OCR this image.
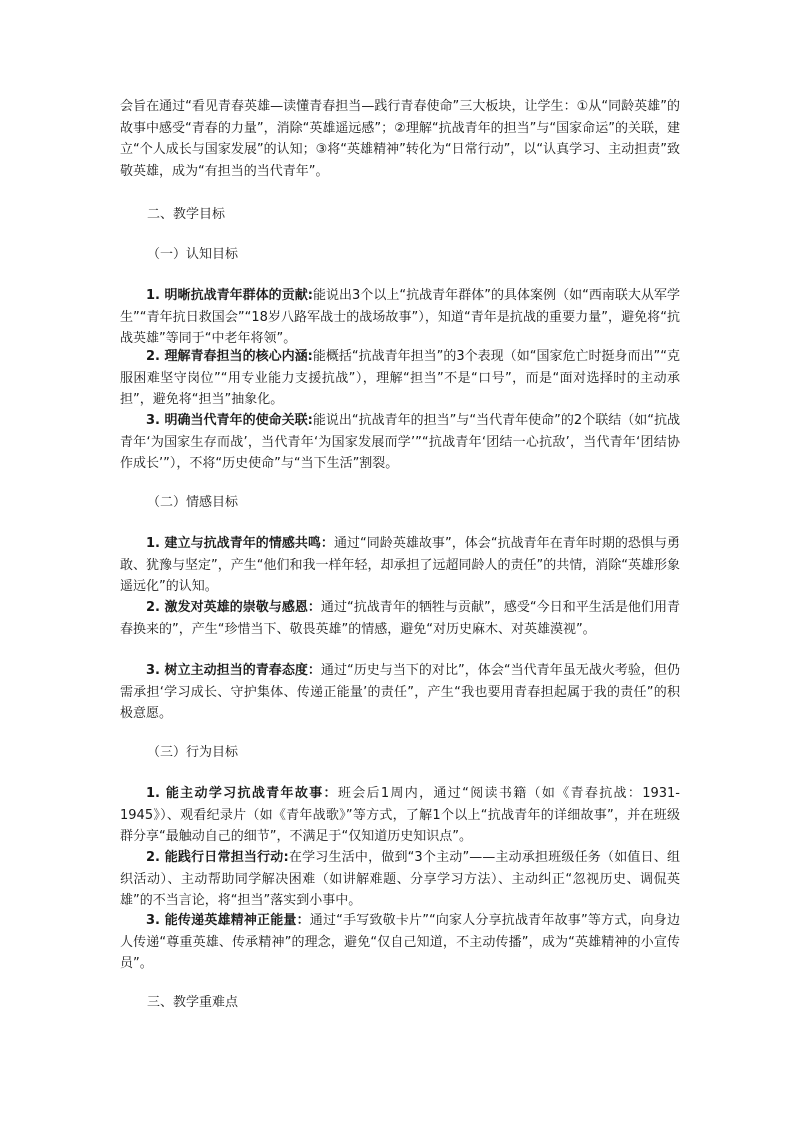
会旨在通过“看见青春英雄—读懂青春担当—践行青春使命”三大板块，让学生：①从“同龄英雄”的故事中感受“青春的力量”，消除“英雄遥远感”；②理解“抗战青年的担当”与“国家命运”的关联，建立“个人成长与国家发展”的认知；③将“英雄精神”转化为“日常行动”，以“认真学习、主动担责”致敬英雄，成为“有担当的当代青年”。

二、教学目标

（一）认知目标

1. 明晰抗战青年群体的贡献:能说出3个以上“抗战青年群体”的具体案例（如“西南联大从军学生”“青年抗日救国会”“18岁八路军战士的战场故事”），知道“青年是抗战的重要力量”，避免将“抗战英雄”等同于“中老年将领”。

2. 理解青春担当的核心内涵:能概括“抗战青年担当”的3个表现（如“国家危亡时挺身而出”“克服困难坚守岗位”“用专业能力支援抗战”），理解“担当”不是“口号”，而是“面对选择时的主动承担”，避免将“担当”抽象化。

3. 明确当代青年的使命关联:能说出“抗战青年的担当”与“当代青年使命”的2个联结（如“抗战青年‘为国家生存而战’，当代青年‘为国家发展而学’”“抗战青年‘团结一心抗敌’，当代青年‘团结协作成长’”），不将“历史使命”与“当下生活”割裂。

（二）情感目标

1. 建立与抗战青年的情感共鸣：通过“同龄英雄故事”，体会“抗战青年在青年时期的恐惧与勇敢、犹豫与坚定”，产生“他们和我一样年轻，却承担了远超同龄人的责任”的共情，消除“英雄形象遥远化”的认知。

2. 激发对英雄的崇敬与感恩：通过“抗战青年的牺牲与贡献”，感受“今日和平生活是他们用青春换来的”，产生“珍惜当下、敬畏英雄”的情感，避免“对历史麻木、对英雄漠视”。

3. 树立主动担当的青春态度：通过“历史与当下的对比”，体会“当代青年虽无战火考验，但仍需承担‘学习成长、守护集体、传递正能量’的责任”，产生“我也要用青春担起属于我的责任”的积极意愿。

（三）行为目标

1. 能主动学习抗战青年故事：班会后1周内，通过“阅读书籍（如《青春抗战：1931-1945》）、观看纪录片（如《青年战歌》”等方式，了解1个以上“抗战青年的详细故事”，并在班级群分享“最触动自己的细节”，不满足于“仅知道历史知识点”。

2. 能践行日常担当行动:在学习生活中，做到“3个主动”——主动承担班级任务（如值日、组织活动）、主动帮助同学解决困难（如讲解难题、分享学习方法）、主动纠正“忽视历史、调侃英雄”的不当言论，将“担当”落实到小事中。

3. 能传递英雄精神正能量：通过“手写致敬卡片”“向家人分享抗战青年故事”等方式，向身边人传递“尊重英雄、传承精神”的理念，避免“仅自己知道，不主动传播”，成为“英雄精神的小宣传员”。

三、教学重难点
